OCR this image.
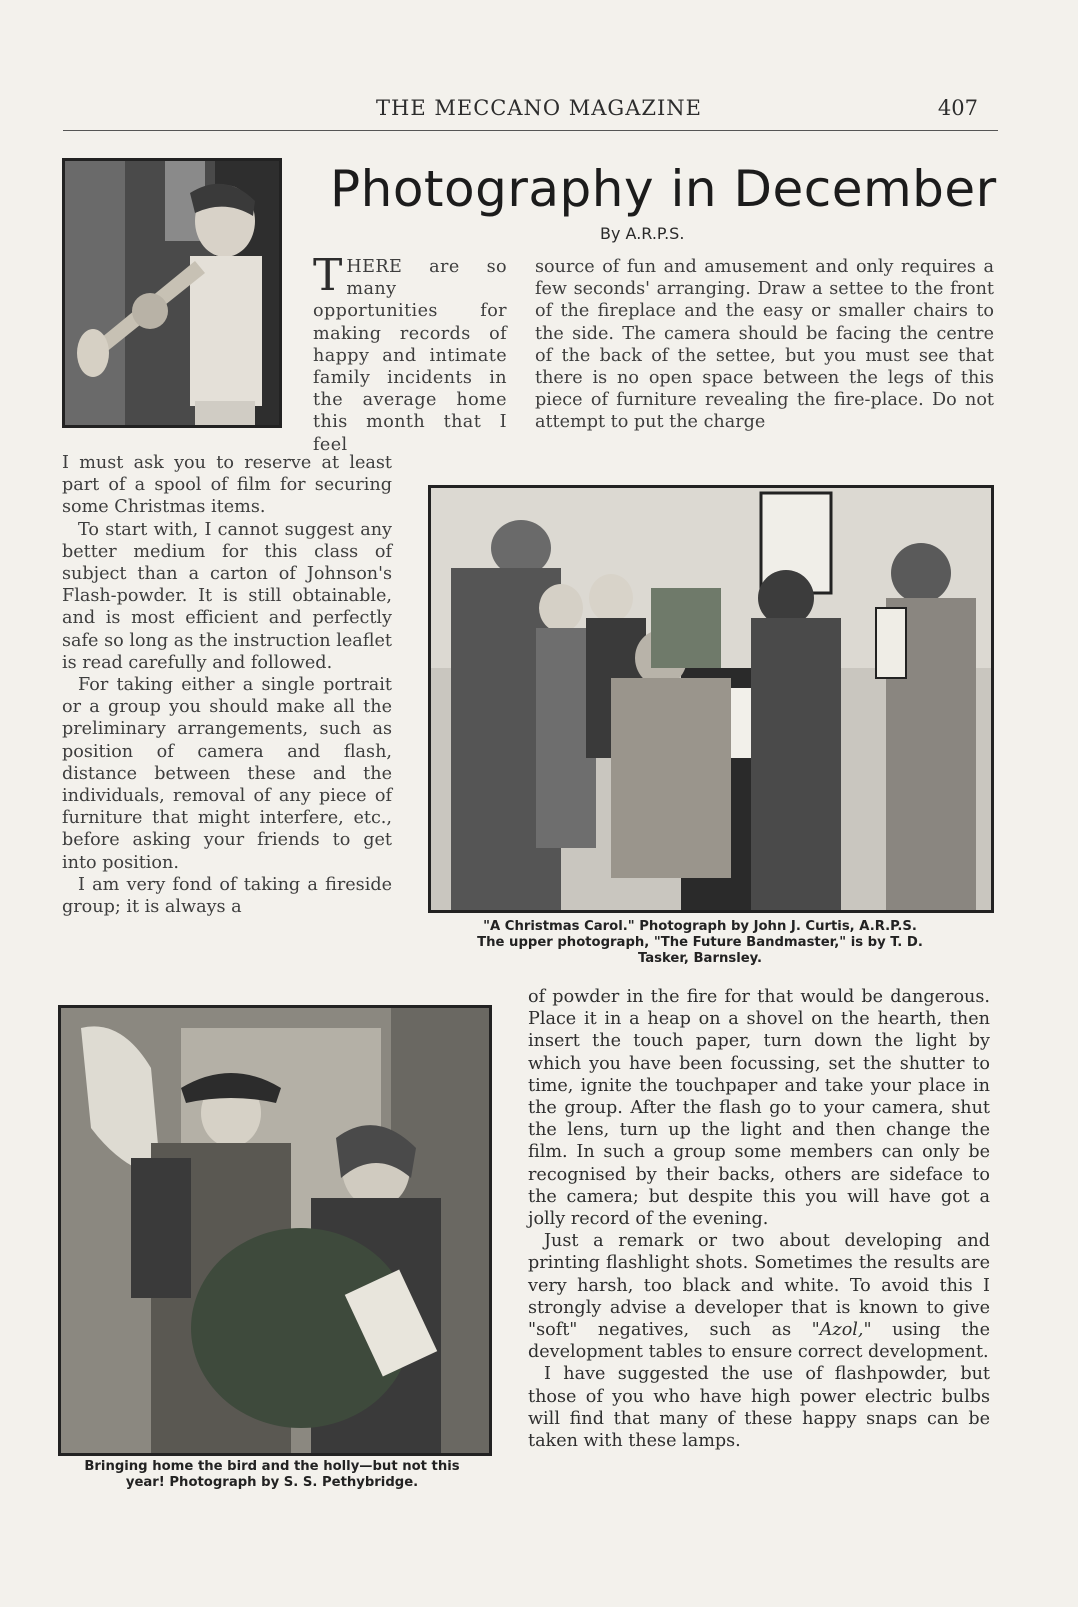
THE MECCANO MAGAZINE	407
Photography in December
By A.R.P.S.

THERE are so many opportunities for making records of happy and intimate family incidents in the average home this month that I feel

source of fun and amusement and only requires a few seconds' arranging. Draw a settee to the front of the fireplace and the easy or smaller chairs to the side. The camera should be facing the centre of the back of the settee, but you must see that there is no open space between the legs of this piece of furniture revealing the fire-place. Do not attempt to put the charge

I must ask you to reserve at least part of a spool of film for securing some Christmas items.

To start with, I cannot suggest any better medium for this class of subject than a carton of Johnson's Flash-powder. It is still obtainable, and is most efficient and perfectly safe so long as the instruction leaflet is read carefully and followed.

For taking either a single portrait or a group you should make all the preliminary arrangements, such as position of camera and flash, distance between these and the individuals, removal of any piece of furniture that might interfere, etc., before asking your friends to get into position.

I am very fond of taking a fireside group; it is always a

"A Christmas Carol." Photograph by John J. Curtis, A.R.P.S.
The upper photograph, "The Future Bandmaster," is by T. D.
Tasker, Barnsley.
Bringing home the bird and the holly—but not this
year! Photograph by S. S. Pethybridge.

of powder in the fire for that would be dangerous. Place it in a heap on a shovel on the hearth, then insert the touch paper, turn down the light by which you have been focussing, set the shutter to time, ignite the touchpaper and take your place in the group. After the flash go to your camera, shut the lens, turn up the light and then change the film. In such a group some members can only be recognised by their backs, others are sideface to the camera; but despite this you will have got a jolly record of the evening.

Just a remark or two about developing and printing flashlight shots. Sometimes the results are very harsh, too black and white. To avoid this I strongly advise a developer that is known to give "soft" negatives, such as "Azol," using the development tables to ensure correct development.

I have suggested the use of flashpowder, but those of you who have high power electric bulbs will find that many of these happy snaps can be taken with these lamps.
